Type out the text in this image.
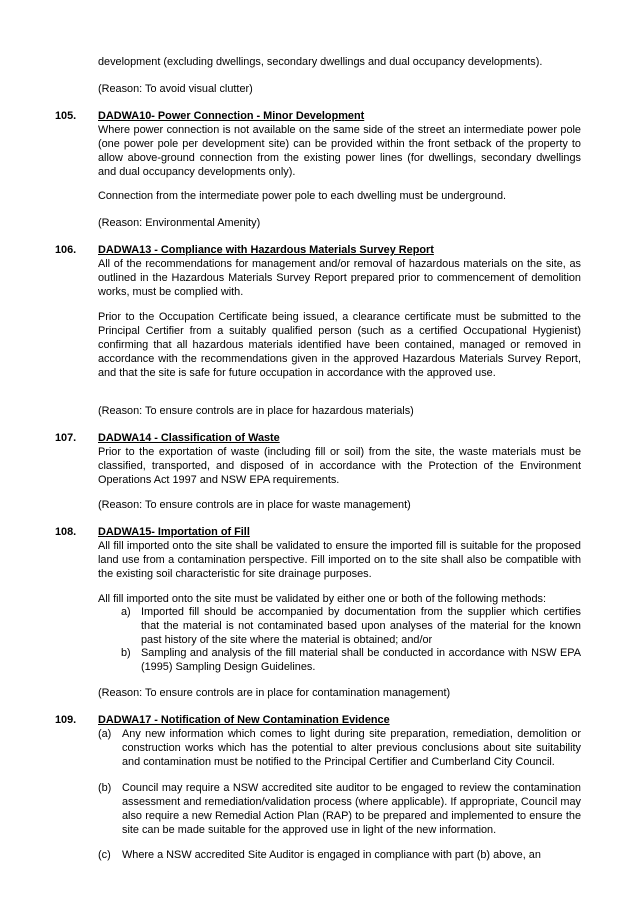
development (excluding dwellings, secondary dwellings and dual occupancy developments).

(Reason: To avoid visual clutter)

105. DADWA10- Power Connection - Minor Development

Where power connection is not available on the same side of the street an intermediate power pole (one power pole per development site) can be provided within the front setback of the property to allow above-ground connection from the existing power lines (for dwellings, secondary dwellings and dual occupancy developments only).

Connection from the intermediate power pole to each dwelling must be underground.

(Reason: Environmental Amenity)

106. DADWA13 - Compliance with Hazardous Materials Survey Report

All of the recommendations for management and/or removal of hazardous materials on the site, as outlined in the Hazardous Materials Survey Report prepared prior to commencement of demolition works, must be complied with.

Prior to the Occupation Certificate being issued, a clearance certificate must be submitted to the Principal Certifier from a suitably qualified person (such as a certified Occupational Hygienist) confirming that all hazardous materials identified have been contained, managed or removed in accordance with the recommendations given in the approved Hazardous Materials Survey Report, and that the site is safe for future occupation in accordance with the approved use.

(Reason: To ensure controls are in place for hazardous materials)

107. DADWA14 - Classification of Waste

Prior to the exportation of waste (including fill or soil) from the site, the waste materials must be classified, transported, and disposed of in accordance with the Protection of the Environment Operations Act 1997 and NSW EPA requirements.

(Reason: To ensure controls are in place for waste management)

108. DADWA15- Importation of Fill

All fill imported onto the site shall be validated to ensure the imported fill is suitable for the proposed land use from a contamination perspective. Fill imported on to the site shall also be compatible with the existing soil characteristic for site drainage purposes.

All fill imported onto the site must be validated by either one or both of the following methods:

a) Imported fill should be accompanied by documentation from the supplier which certifies that the material is not contaminated based upon analyses of the material for the known past history of the site where the material is obtained; and/or

b) Sampling and analysis of the fill material shall be conducted in accordance with NSW EPA (1995) Sampling Design Guidelines.

(Reason: To ensure controls are in place for contamination management)

109. DADWA17 - Notification of New Contamination Evidence
(a) Any new information which comes to light during site preparation, remediation, demolition or construction works which has the potential to alter previous conclusions about site suitability and contamination must be notified to the Principal Certifier and Cumberland City Council.

(b) Council may require a NSW accredited site auditor to be engaged to review the contamination assessment and remediation/validation process (where applicable). If appropriate, Council may also require a new Remedial Action Plan (RAP) to be prepared and implemented to ensure the site can be made suitable for the approved use in light of the new information.

(c) Where a NSW accredited Site Auditor is engaged in compliance with part (b) above, an
